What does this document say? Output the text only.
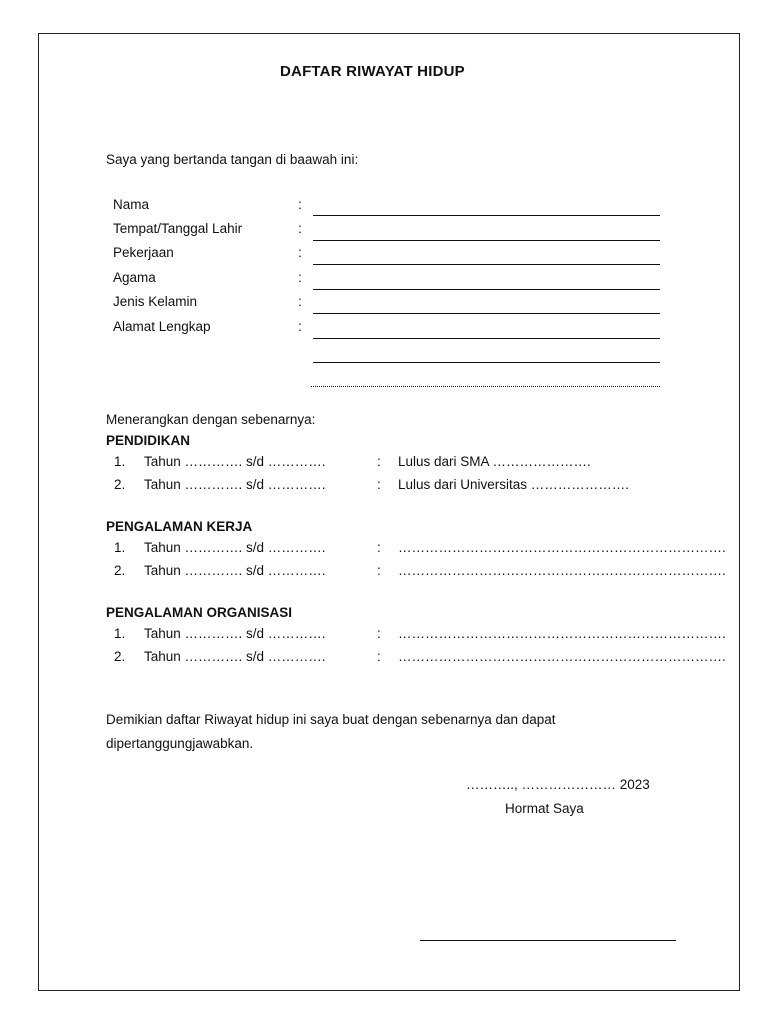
DAFTAR RIWAYAT HIDUP
Saya yang bertanda tangan di baawah ini:
Nama	:
Tempat/Tanggal Lahir	:
Pekerjaan	:
Agama	:
Jenis Kelamin	:
Alamat Lengkap	:
Menerangkan dengan sebenarnya:
PENDIDIKAN
1. Tahun …………. s/d ………….	: Lulus dari SMA ………………….
2. Tahun …………. s/d ………….	: Lulus dari Universitas ………………….
PENGALAMAN KERJA
1. Tahun …………. s/d ………….	: ……………………………………………………………….
2. Tahun …………. s/d ………….	: ……………………………………………………………….
PENGALAMAN ORGANISASI
1. Tahun …………. s/d ………….	: ……………………………………………………………….
2. Tahun …………. s/d ………….	: ……………………………………………………………….
Demikian daftar Riwayat hidup ini saya buat dengan sebenarnya dan dapat
dipertanggungjawabkan.
……….., ………………… 2023
Hormat Saya
